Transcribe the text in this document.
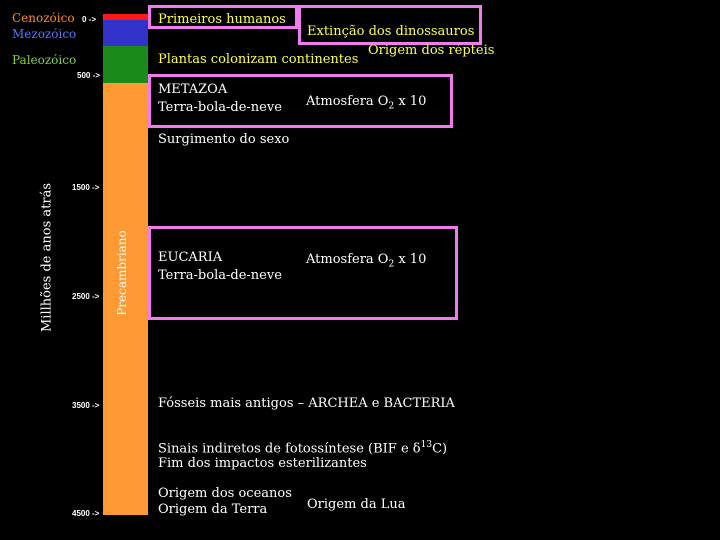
Cenozóico
Mezozóico
Paleozóico
0 ->
500 ->
1500 ->
2500 ->
3500 ->
4500 ->
Millhões de anos atrás	Precambriano
Primeiros humanos
Extinção dos dinossauros
Origem dos répteis
Plantas colonizam continentes
METAZOA
Terra-bola-de-neve Atmosfera $O_2$ x 10
Surgimento do sexo
EUCARIA
Terra-bola-de-neve
Atmosfera $O_2$ x 10
Fósseis mais antigos – ARCHEA e BACTERIA
Sinais indiretos de fotossíntese (BIF e $\delta^{13}C$)
Fim dos impactos esterilizantes
Origem dos oceanos
Origem da Terra	Origem da Lua
